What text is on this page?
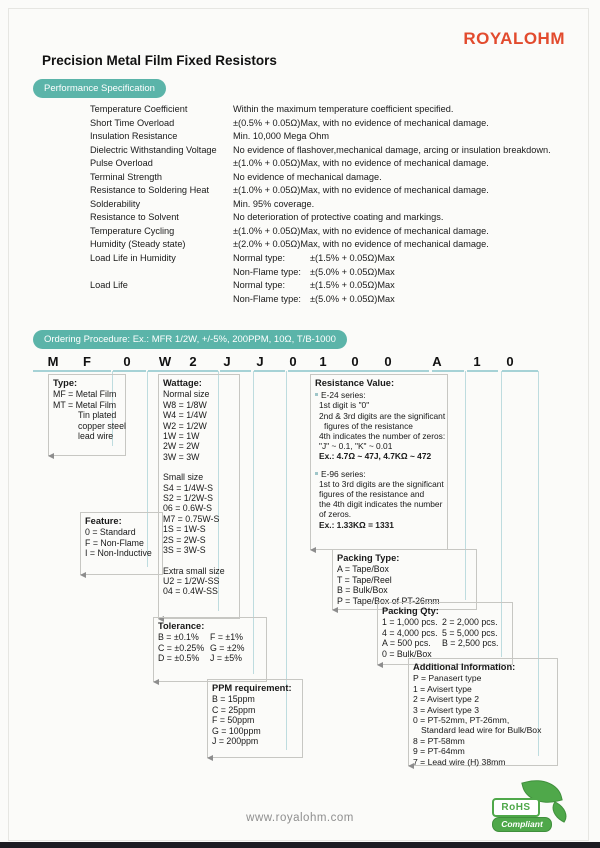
ROYALOHM
Precision Metal Film Fixed Resistors
Performance Specification
Temperature Coefficient	Within the maximum temperature coefficient specified.
Short Time Overload	±(0.5% + 0.05Ω)Max, with no evidence of mechanical damage.
Insulation Resistance	Min. 10,000 Mega Ohm
Dielectric Withstanding Voltage No evidence of flashover,mechanical damage, arcing or insulation breakdown.
Pulse Overload	±(1.0% + 0.05Ω)Max, with no evidence of mechanical damage.
Terminal Strength	No evidence of mechanical damage.
Resistance to Soldering Heat	±(1.0% + 0.05Ω)Max, with no evidence of mechanical damage.
Solderability	Min. 95% coverage.
Resistance to Solvent	No deterioration of protective coating and markings.
Temperature Cycling	±(1.0% + 0.05Ω)Max, with no evidence of mechanical damage.
Humidity (Steady state)	±(2.0% + 0.05Ω)Max, with no evidence of mechanical damage.
Load Life in Humidity	Normal type:	±(1.5% + 0.05Ω)Max
Non-Flame type: ±(5.0% + 0.05Ω)Max
Load Life	Normal type:	±(1.5% + 0.05Ω)Max
Non-Flame type: ±(5.0% + 0.05Ω)Max
Ordering Procedure: Ex.: MFR 1/2W, +/-5%, 200PPM, 10Ω, T/B-1000
M F 0 W 2 J J 0 1 0 0	A 1 0
Type:
MF = Metal Film
MT = Metal Film
Tin plated
copper steel
lead wire
Wattage:
Normal size
W8 = 1/8W
W4 = 1/4W
W2 = 1/2W
1W = 1W
2W = 2W
3W = 3W
Small size
S4 = 1/4W-S
S2 = 1/2W-S
06 = 0.6W-S
M7 = 0.75W-S
1S = 1W-S
2S = 2W-S
3S = 3W-S
Extra small size
U2 = 1/2W-SS
04 = 0.4W-SS
Feature:
0 = Standard
F = Non-Flame
I = Non-Inductive
Resistance Value:
E-24 series:
1st digit is "0"
2nd & 3rd digits are the significant
figures of the resistance
4th indicates the number of zeros:
"J" ~ 0.1, "K" ~ 0.01
Ex.: 4.7Ω ~ 47J, 4.7KΩ ~ 472
E-96 series:
1st to 3rd digits are the significant
figures of the resistance and
the 4th digit indicates the number
of zeros.
Ex.: 1.33KΩ = 1331
Tolerance:
B = ±0.1% F = ±1%
C = ±0.25% G = ±2%
D = ±0.5% J = ±5%
PPM requirement:
B = 15ppm
C = 25ppm
F = 50ppm
G = 100ppm
J = 200ppm
Packing Type:
A = Tape/Box
T = Tape/Reel
B = Bulk/Box
P = Tape/Box of PT-26mm
Packing Qty:
1 = 1,000 pcs. 2 = 2,000 pcs.
4 = 4,000 pcs. 5 = 5,000 pcs.
A = 500 pcs. B = 2,500 pcs.
0 = Bulk/Box
Additional Information:
P = Panasert type
1 = Avisert type
2 = Avisert type 2
3 = Avisert type 3
0 = PT-52mm, PT-26mm,
Standard lead wire for Bulk/Box
8 = PT-58mm
9 = PT-64mm
7 = Lead wire (H) 38mm
www.royalohm.com
RoHS
Compliant
